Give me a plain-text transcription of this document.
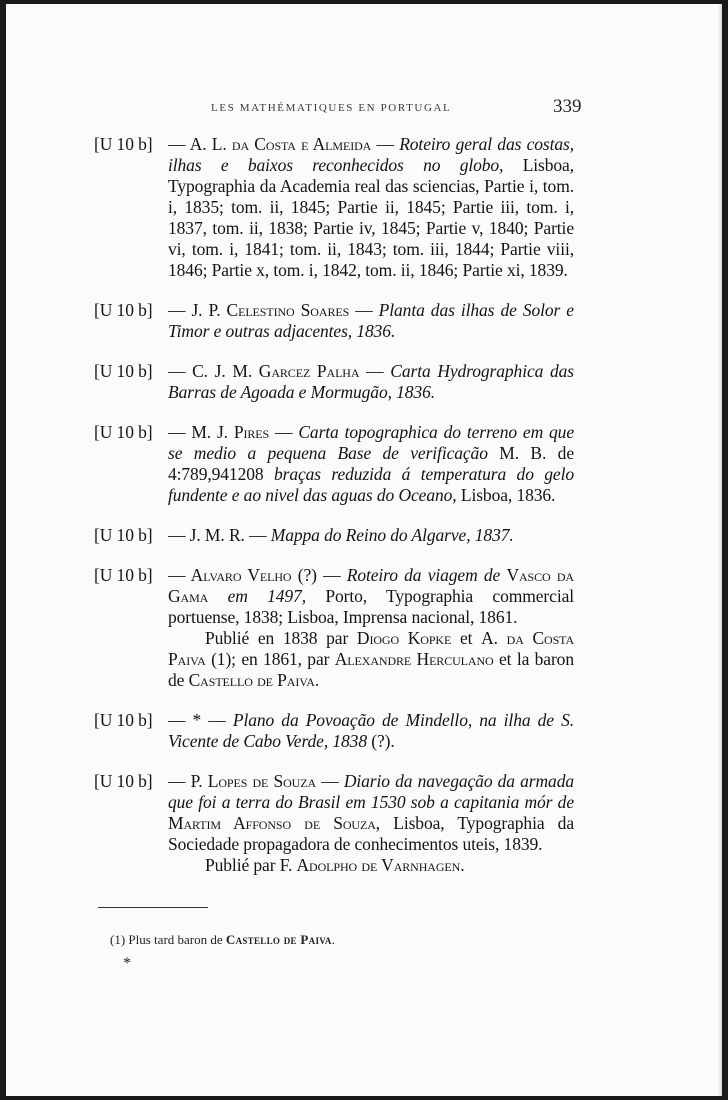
LES MATHÉMATIQUES EN PORTUGAL	339

[U 10 b] — A. L. da Costa e Almeida — Roteiro geral das costas, ilhas e baixos reconhecidos no globo, Lisboa, Typographia da Academia real das sciencias, Partie i, tom. i, 1835; tom. ii, 1845; Partie ii, 1845; Partie iii, tom. i, 1837, tom. ii, 1838; Partie iv, 1845; Partie v, 1840; Partie vi, tom. i, 1841; tom. ii, 1843; tom. iii, 1844; Partie viii, 1846; Partie x, tom. i, 1842, tom. ii, 1846; Partie xi, 1839.

[U 10 b] — J. P. Celestino Soares — Planta das ilhas de Solor e Timor e outras adjacentes, 1836.

[U 10 b] — C. J. M. Garcez Palha — Carta Hydrographica das Barras de Agoada e Mormugão, 1836.

[U 10 b] — M. J. Pires — Carta topographica do terreno em que se medio a pequena Base de verificação M. B. de 4:789,941208 braças reduzida á temperatura do gelo fundente e ao nivel das aguas do Oceano, Lisboa, 1836.

[U 10 b] — J. M. R. — Mappa do Reino do Algarve, 1837.

[U 10 b] — Alvaro Velho (?) — Roteiro da viagem de Vasco da Gama em 1497, Porto, Typographia commercial portuense, 1838; Lisboa, Imprensa nacional, 1861.
Publié en 1838 par Diogo Kopke et A. da Costa Paiva (1); en 1861, par Alexandre Herculano et la baron de Castello de Paiva.

[U 10 b] — * — Plano da Povoação de Mindello, na ilha de S. Vicente de Cabo Verde, 1838 (?).

[U 10 b] — P. Lopes de Souza — Diario da navegação da armada que foi a terra do Brasil em 1530 sob a capitania mór de Martim Affonso de Souza, Lisboa, Typographia da Sociedade propagadora de conhecimentos uteis, 1839.
Publié par F. Adolpho de Varnhagen.

(1) Plus tard baron de Castello de Paiva.
*
